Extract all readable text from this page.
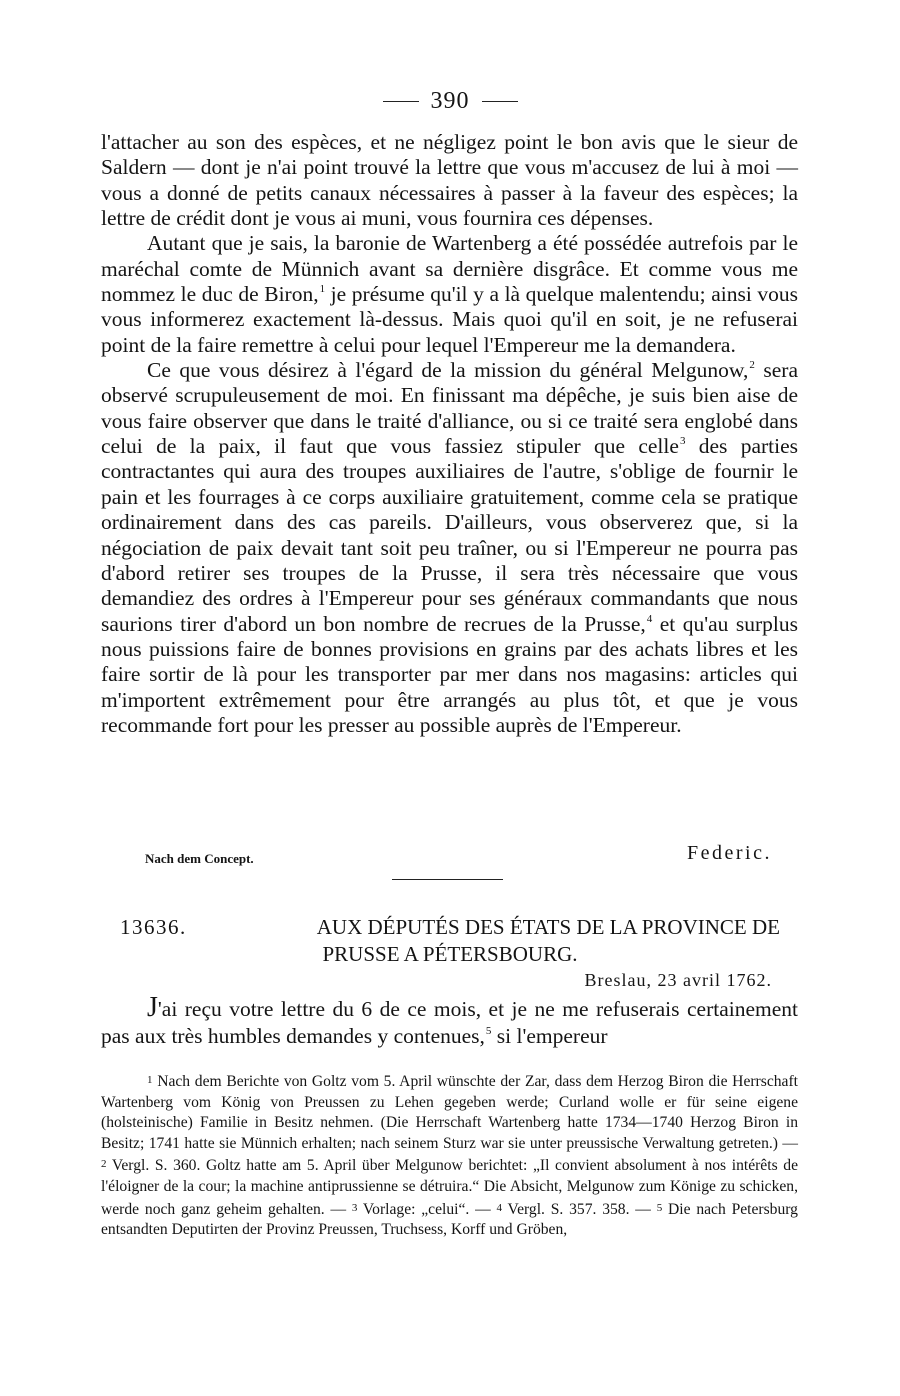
390

l'attacher au son des espèces, et ne négligez point le bon avis que le sieur de Saldern — dont je n'ai point trouvé la lettre que vous m'accusez de lui à moi — vous a donné de petits canaux nécessaires à passer à la faveur des espèces; la lettre de crédit dont je vous ai muni, vous fournira ces dépenses.

Autant que je sais, la baronie de Wartenberg a été possédée autrefois par le maréchal comte de Münnich avant sa dernière disgrâce. Et comme vous me nommez le duc de Biron,$^1$ je présume qu'il y a là quelque malentendu; ainsi vous vous informerez exactement là-dessus. Mais quoi qu'il en soit, je ne refuserai point de la faire remettre à celui pour lequel l'Empereur me la demandera.

Ce que vous désirez à l'égard de la mission du général Melgunow,$^2$ sera observé scrupuleusement de moi. En finissant ma dépêche, je suis bien aise de vous faire observer que dans le traité d'alliance, ou si ce traité sera englobé dans celui de la paix, il faut que vous fassiez stipuler que celle$^3$ des parties contractantes qui aura des troupes auxiliaires de l'autre, s'oblige de fournir le pain et les fourrages à ce corps auxiliaire gratuitement, comme cela se pratique ordinairement dans des cas pareils. D'ailleurs, vous observerez que, si la négociation de paix devait tant soit peu traîner, ou si l'Empereur ne pourra pas d'abord retirer ses troupes de la Prusse, il sera très nécessaire que vous demandiez des ordres à l'Empereur pour ses généraux commandants que nous saurions tirer d'abord un bon nombre de recrues de la Prusse,$^4$ et qu'au surplus nous puissions faire de bonnes provisions en grains par des achats libres et les faire sortir de là pour les transporter par mer dans nos magasins: articles qui m'importent extrêmement pour être arrangés au plus tôt, et que je vous recommande fort pour les presser au possible auprès de l'Empereur.

Nach dem Concept.	Federic.
13636.	AUX DÉPUTÉS DES ÉTATS DE LA PROVINCE DE
PRUSSE A PÉTERSBOURG.
Breslau, 23 avril 1762.

J'ai reçu votre lettre du 6 de ce mois, et je ne me refuserais certainement pas aux très humbles demandes y contenues,$^5$ si l'empereur

1 Nach dem Berichte von Goltz vom 5. April wünschte der Zar, dass dem Herzog Biron die Herrschaft Wartenberg vom König von Preussen zu Lehen gegeben werde; Curland wolle er für seine eigene (holsteinische) Familie in Besitz nehmen. (Die Herrschaft Wartenberg hatte 1734—1740 Herzog Biron in Besitz; 1741 hatte sie Münnich erhalten; nach seinem Sturz war sie unter preussische Verwaltung getreten.) — 2 Vergl. S. 360. Goltz hatte am 5. April über Melgunow berichtet: „Il convient absolument à nos intérêts de l'éloigner de la cour; la machine antiprussienne se détruira.“ Die Absicht, Melgunow zum Könige zu schicken, werde noch ganz geheim gehalten. — 3 Vorlage: „celui“. — 4 Vergl. S. 357. 358. — 5 Die nach Petersburg entsandten Deputirten der Provinz Preussen, Truchsess, Korff und Gröben,
